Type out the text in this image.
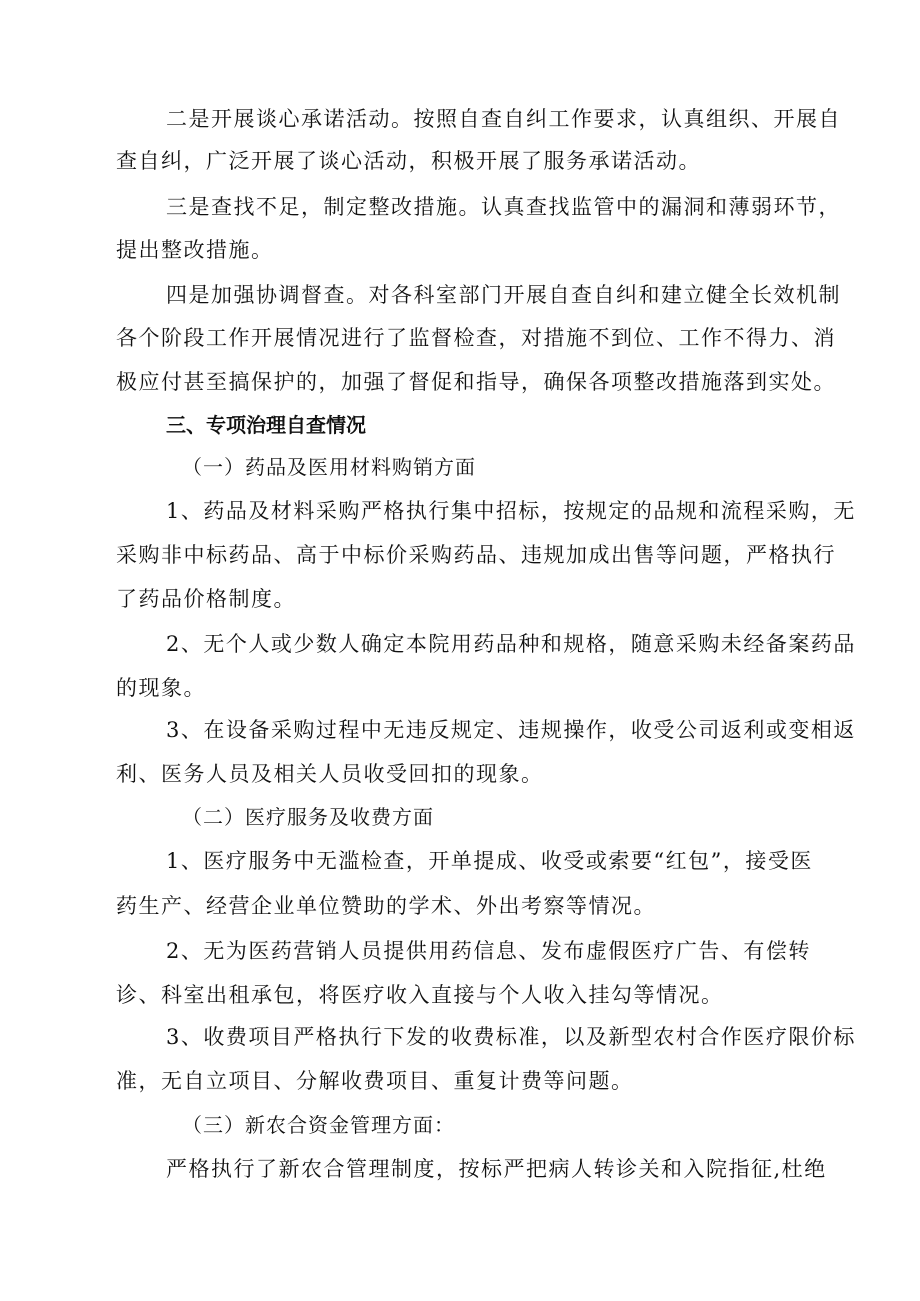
二是开展谈心承诺活动。按照自查自纠工作要求，认真组织、开展自
查自纠，广泛开展了谈心活动，积极开展了服务承诺活动。
三是查找不足，制定整改措施。认真查找监管中的漏洞和薄弱环节，
提出整改措施。
四是加强协调督查。对各科室部门开展自查自纠和建立健全长效机制
各个阶段工作开展情况进行了监督检查，对措施不到位、工作不得力、消
极应付甚至搞保护的，加强了督促和指导，确保各项整改措施落到实处。
三、专项治理自查情况
（一）药品及医用材料购销方面
1、药品及材料采购严格执行集中招标，按规定的品规和流程采购，无
采购非中标药品、高于中标价采购药品、违规加成出售等问题，严格执行
了药品价格制度。
2、无个人或少数人确定本院用药品种和规格，随意采购未经备案药品
的现象。
3、在设备采购过程中无违反规定、违规操作，收受公司返利或变相返
利、医务人员及相关人员收受回扣的现象。
（二）医疗服务及收费方面
1、医疗服务中无滥检查，开单提成、收受或索要“红包”，接受医
药生产、经营企业单位赞助的学术、外出考察等情况。
2、无为医药营销人员提供用药信息、发布虚假医疗广告、有偿转
诊、科室出租承包，将医疗收入直接与个人收入挂勾等情况。
3、收费项目严格执行下发的收费标准，以及新型农村合作医疗限价标
准，无自立项目、分解收费项目、重复计费等问题。
（三）新农合资金管理方面：
严格执行了新农合管理制度，按标严把病人转诊关和入院指征,杜绝
